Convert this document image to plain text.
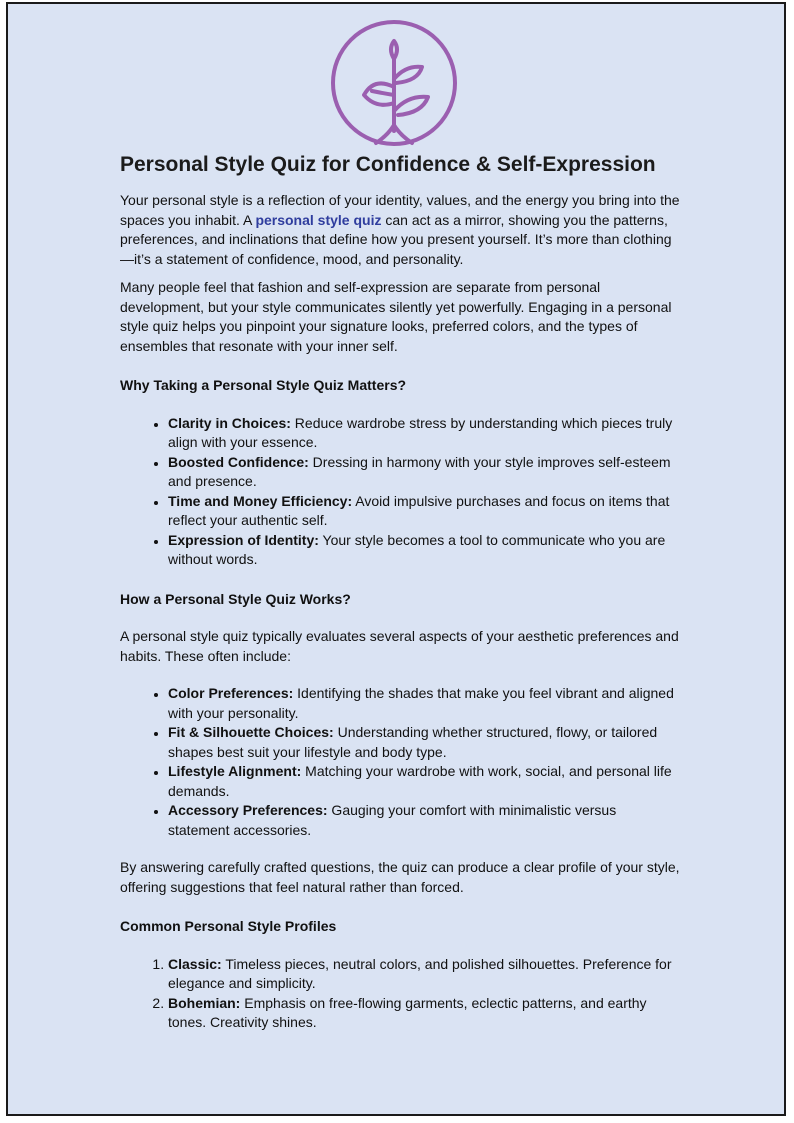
Personal Style Quiz for Confidence & Self-Expression

Your personal style is a reflection of your identity, values, and the energy you bring into the spaces you inhabit. A personal style quiz can act as a mirror, showing you the patterns, preferences, and inclinations that define how you present yourself. It’s more than clothing—it’s a statement of confidence, mood, and personality.

Many people feel that fashion and self-expression are separate from personal development, but your style communicates silently yet powerfully. Engaging in a personal style quiz helps you pinpoint your signature looks, preferred colors, and the types of ensembles that resonate with your inner self.

Why Taking a Personal Style Quiz Matters?
• Clarity in Choices: Reduce wardrobe stress by understanding which pieces truly align with your essence.
• Boosted Confidence: Dressing in harmony with your style improves self-esteem and presence.
• Time and Money Efficiency: Avoid impulsive purchases and focus on items that reflect your authentic self.
• Expression of Identity: Your style becomes a tool to communicate who you are without words.
How a Personal Style Quiz Works?

A personal style quiz typically evaluates several aspects of your aesthetic preferences and habits. These often include:

• Color Preferences: Identifying the shades that make you feel vibrant and aligned with your personality.
• Fit & Silhouette Choices: Understanding whether structured, flowy, or tailored shapes best suit your lifestyle and body type.
• Lifestyle Alignment: Matching your wardrobe with work, social, and personal life demands.
• Accessory Preferences: Gauging your comfort with minimalistic versus statement accessories.

By answering carefully crafted questions, the quiz can produce a clear profile of your style, offering suggestions that feel natural rather than forced.

Common Personal Style Profiles
1. Classic: Timeless pieces, neutral colors, and polished silhouettes. Preference for elegance and simplicity.
2. Bohemian: Emphasis on free-flowing garments, eclectic patterns, and earthy tones. Creativity shines.
